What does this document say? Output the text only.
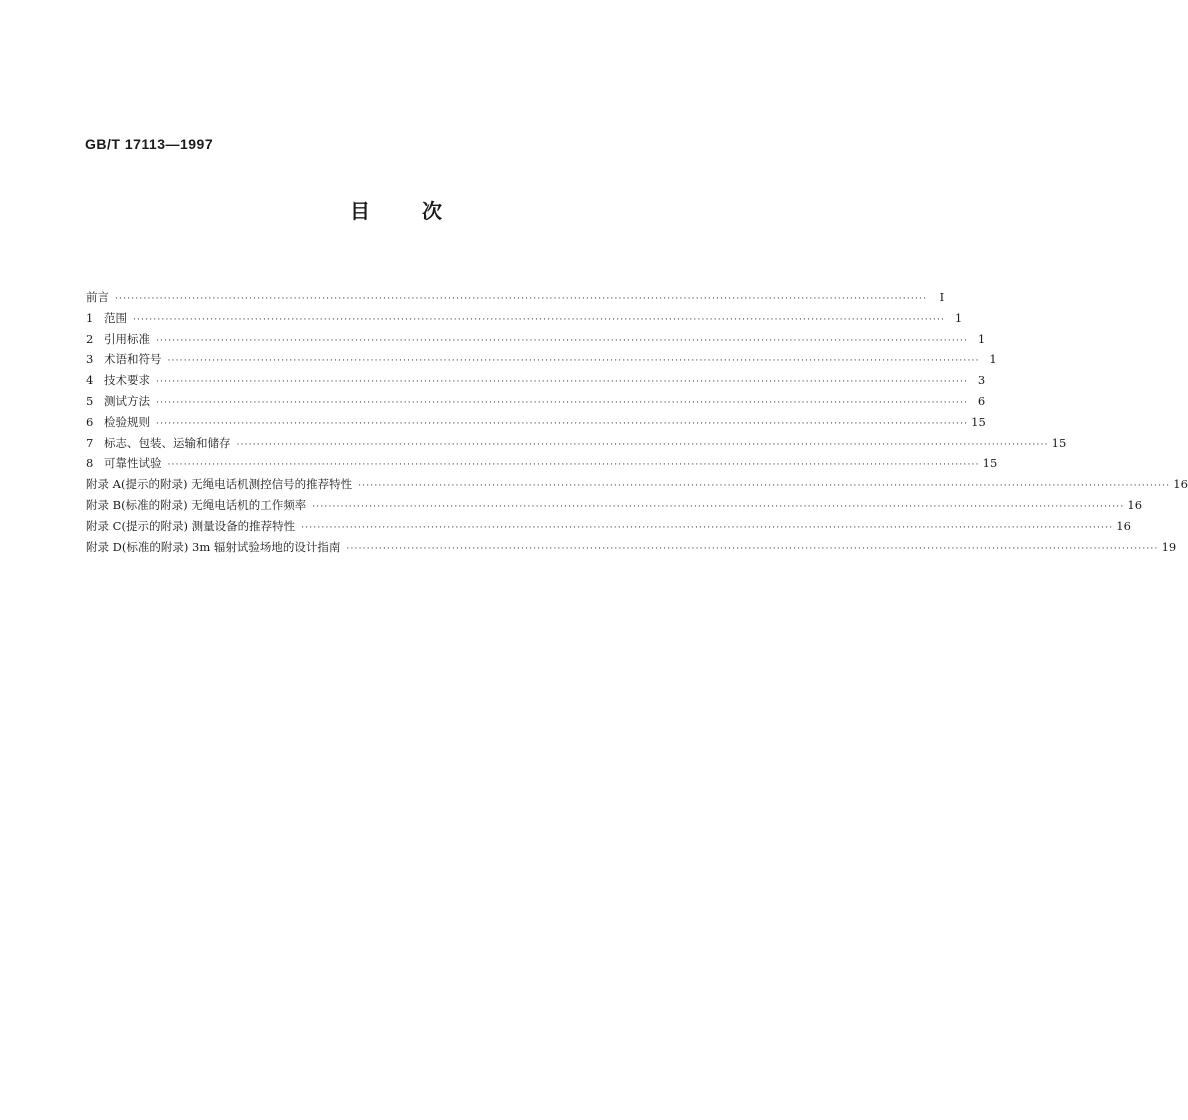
GB/T 17113—1997
目	次
前言 ········································································································································································································	I
1 范围 ········································································································································································································ 1
2 引用标准 ········································································································································································································ 1
3 术语和符号 ········································································································································································································ 1
4 技术要求 ········································································································································································································ 3
5 测试方法 ········································································································································································································ 6
6 检验规则 ········································································································································································································ 15
7 标志、包装、运输和储存 ········································································································································································································ 15
8 可靠性试验 ········································································································································································································ 15
附录 A(提示的附录) 无绳电话机测控信号的推荐特性 ········································································································································································································ 16
附录 B(标准的附录) 无绳电话机的工作频率 ········································································································································································································ 16
附录 C(提示的附录) 测量设备的推荐特性 ········································································································································································································ 16
附录 D(标准的附录) 3m 辐射试验场地的设计指南 ········································································································································································································ 19
